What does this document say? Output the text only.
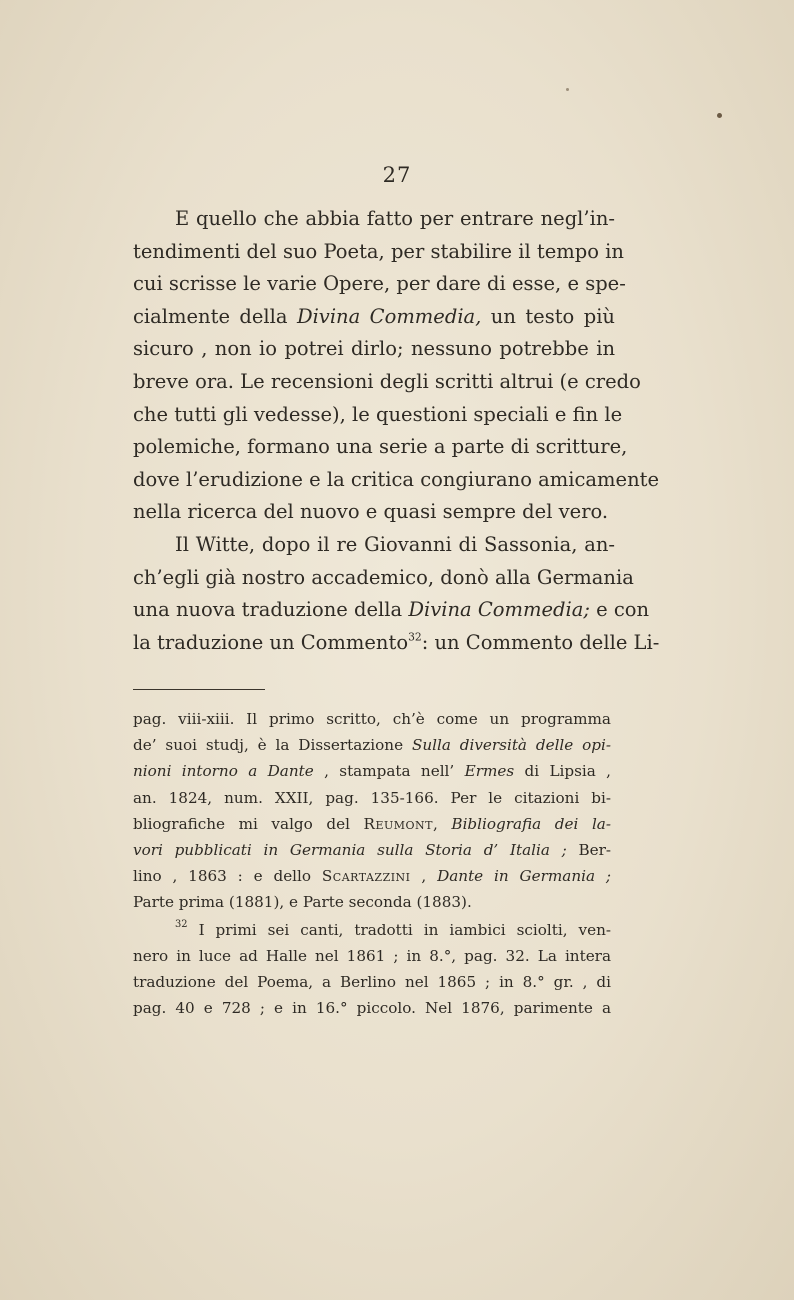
27
E quello che abbia fatto per entrare negl’in-
tendimenti del suo Poeta, per stabilire il tempo in
cui scrisse le varie Opere, per dare di esse, e spe-
cialmente della Divina Commedia, un testo più
sicuro , non io potrei dirlo; nessuno potrebbe in
breve ora. Le recensioni degli scritti altrui (e credo
che tutti gli vedesse), le questioni speciali e fin le
polemiche, formano una serie a parte di scritture,
dove l’erudizione e la critica congiurano amicamente
nella ricerca del nuovo e quasi sempre del vero.
Il Witte, dopo il re Giovanni di Sassonia, an-
ch’egli già nostro accademico, donò alla Germania
una nuova traduzione della Divina Commedia; e con
la traduzione un Commento$^{32}$: un Commento delle Li-
pag. viii-xiii. Il primo scritto, ch’è come un programma
de’ suoi studj, è la Dissertazione Sulla diversità delle opi-
nioni intorno a Dante , stampata nell’ Ermes di Lipsia ,
an. 1824, num. XXII, pag. 135-166. Per le citazioni bi-
bliografiche mi valgo del Reumont, Bibliografia dei la-
vori pubblicati in Germania sulla Storia d’ Italia ; Ber-
lino , 1863 : e dello Scartazzini , Dante in Germania ;
Parte prima (1881), e Parte seconda (1883).
$^{32}$ I primi sei canti, tradotti in iambici sciolti, ven-
nero in luce ad Halle nel 1861 ; in 8.°, pag. 32. La intera
traduzione del Poema, a Berlino nel 1865 ; in 8.° gr. , di
pag. 40 e 728 ; e in 16.° piccolo. Nel 1876, parimente a
